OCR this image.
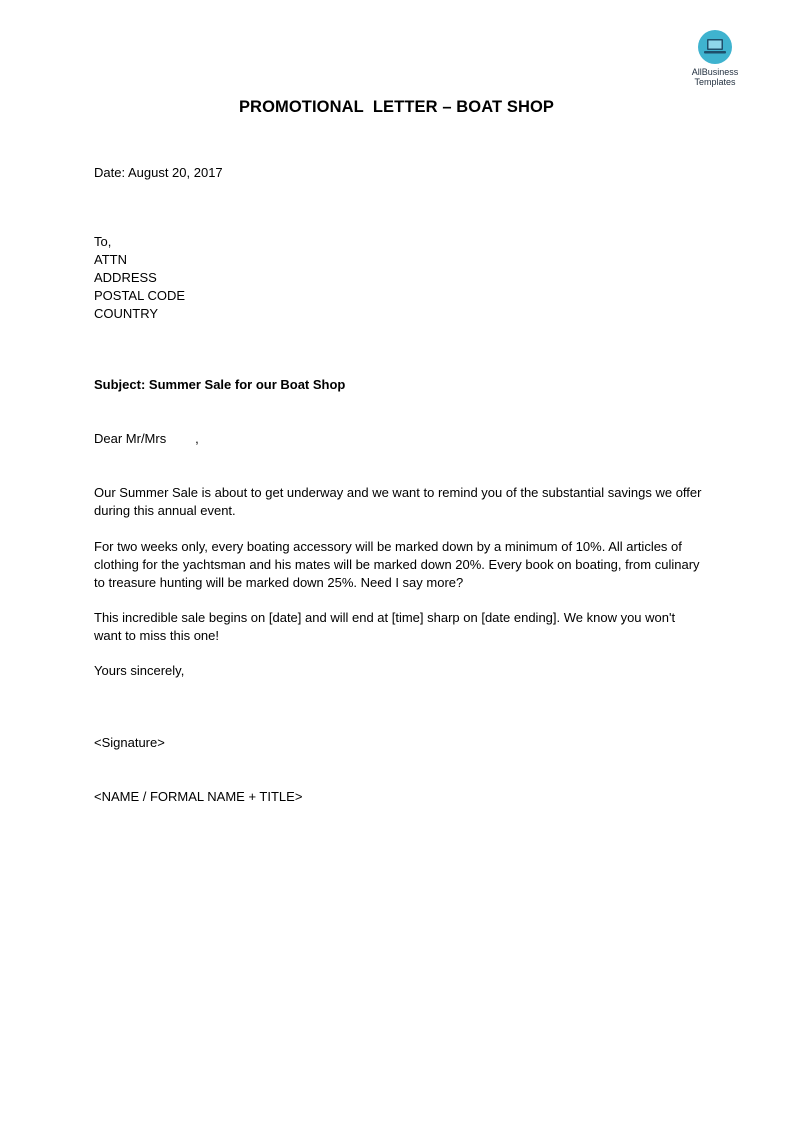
AllBusiness
Templates
PROMOTIONAL  LETTER – BOAT SHOP
Date: August 20, 2017
To,
ATTN
ADDRESS
POSTAL CODE
COUNTRY
Subject: Summer Sale for our Boat Shop
Dear Mr/Mrs        ,
Our Summer Sale is about to get underway and we want to remind you of the substantial savings we offer during this annual event.
For two weeks only, every boating accessory will be marked down by a minimum of 10%. All articles of clothing for the yachtsman and his mates will be marked down 20%. Every book on boating, from culinary to treasure hunting will be marked down 25%. Need I say more?
This incredible sale begins on [date] and will end at [time] sharp on [date ending]. We know you won't want to miss this one!
Yours sincerely,
<Signature>
<NAME / FORMAL NAME + TITLE>
